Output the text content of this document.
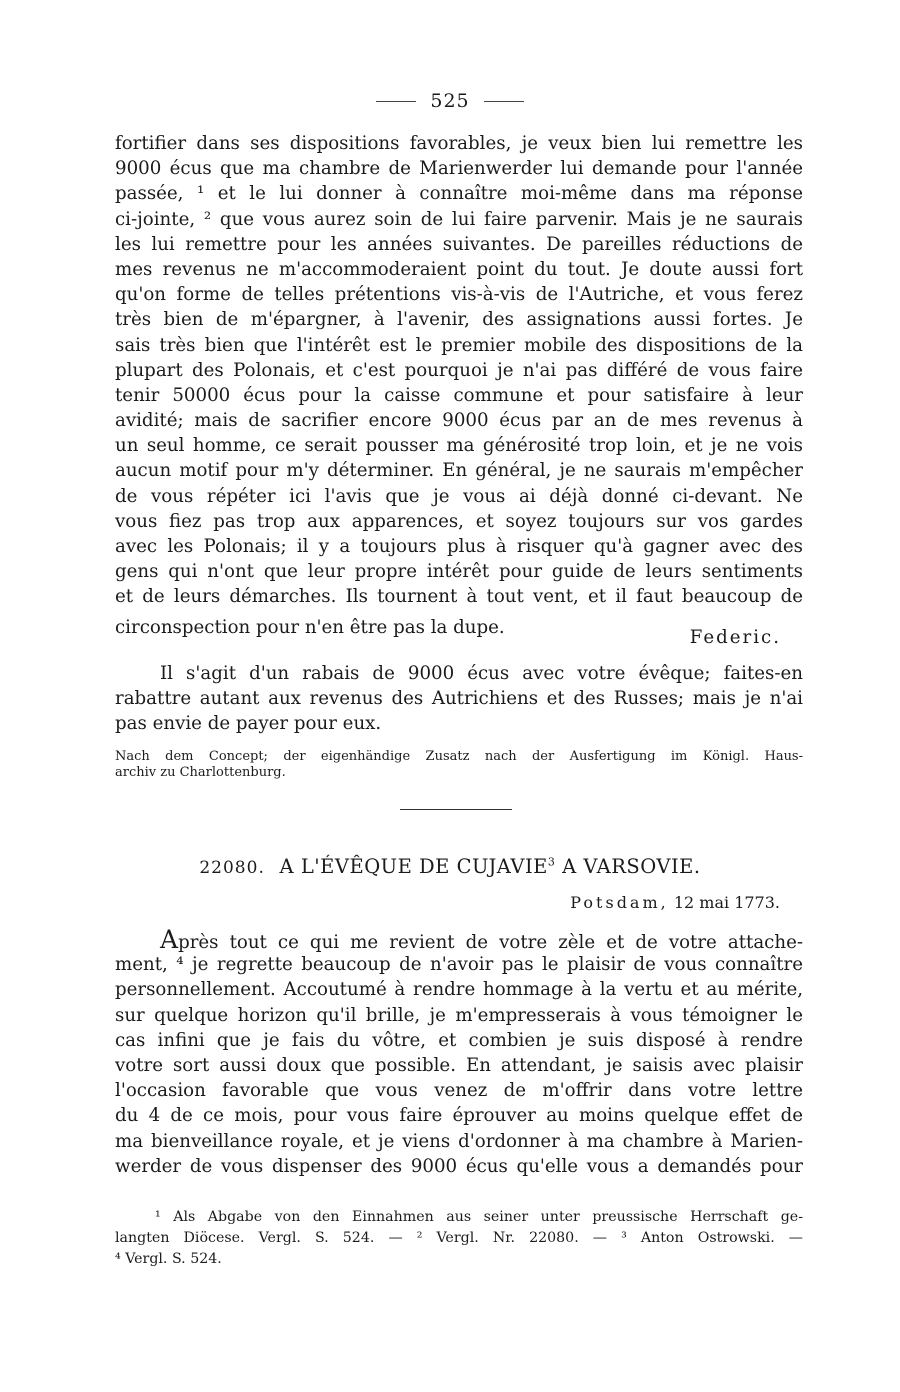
525
fortifier dans ses dispositions favorables, je veux bien lui remettre les
9000 écus que ma chambre de Marienwerder lui demande pour l'année
passée, ¹ et le lui donner à connaître moi-même dans ma réponse
ci-jointe, ² que vous aurez soin de lui faire parvenir. Mais je ne saurais
les lui remettre pour les années suivantes. De pareilles réductions de
mes revenus ne m'accommoderaient point du tout. Je doute aussi fort
qu'on forme de telles prétentions vis-à-vis de l'Autriche, et vous ferez
très bien de m'épargner, à l'avenir, des assignations aussi fortes. Je
sais très bien que l'intérêt est le premier mobile des dispositions de la
plupart des Polonais, et c'est pourquoi je n'ai pas différé de vous faire
tenir 50000 écus pour la caisse commune et pour satisfaire à leur
avidité; mais de sacrifier encore 9000 écus par an de mes revenus à
un seul homme, ce serait pousser ma générosité trop loin, et je ne vois
aucun motif pour m'y déterminer. En général, je ne saurais m'empêcher
de vous répéter ici l'avis que je vous ai déjà donné ci-devant. Ne
vous fiez pas trop aux apparences, et soyez toujours sur vos gardes
avec les Polonais; il y a toujours plus à risquer qu'à gagner avec des
gens qui n'ont que leur propre intérêt pour guide de leurs sentiments
et de leurs démarches. Ils tournent à tout vent, et il faut beaucoup de
circonspection pour n'en être pas la dupe.	Federic.
Il s'agit d'un rabais de 9000 écus avec votre évêque; faites-en
rabattre autant aux revenus des Autrichiens et des Russes; mais je n'ai
pas envie de payer pour eux.
Nach dem Concept; der eigenhändige Zusatz nach der Ausfertigung im Königl. Haus-
archiv zu Charlottenburg.
22080. A L'ÉVÊQUE DE CUJAVIE$^3$ A VARSOVIE.
Potsdam, 12 mai 1773.
Après tout ce qui me revient de votre zèle et de votre attache-
ment, ⁴ je regrette beaucoup de n'avoir pas le plaisir de vous connaître
personnellement. Accoutumé à rendre hommage à la vertu et au mérite,
sur quelque horizon qu'il brille, je m'empresserais à vous témoigner le
cas infini que je fais du vôtre, et combien je suis disposé à rendre
votre sort aussi doux que possible. En attendant, je saisis avec plaisir
l'occasion favorable que vous venez de m'offrir dans votre lettre
du 4 de ce mois, pour vous faire éprouver au moins quelque effet de
ma bienveillance royale, et je viens d'ordonner à ma chambre à Marien-
werder de vous dispenser des 9000 écus qu'elle vous a demandés pour
¹ Als Abgabe von den Einnahmen aus seiner unter preussische Herrschaft ge-
langten Diöcese. Vergl. S. 524. — ² Vergl. Nr. 22080. — ³ Anton Ostrowski. —
⁴ Vergl. S. 524.
